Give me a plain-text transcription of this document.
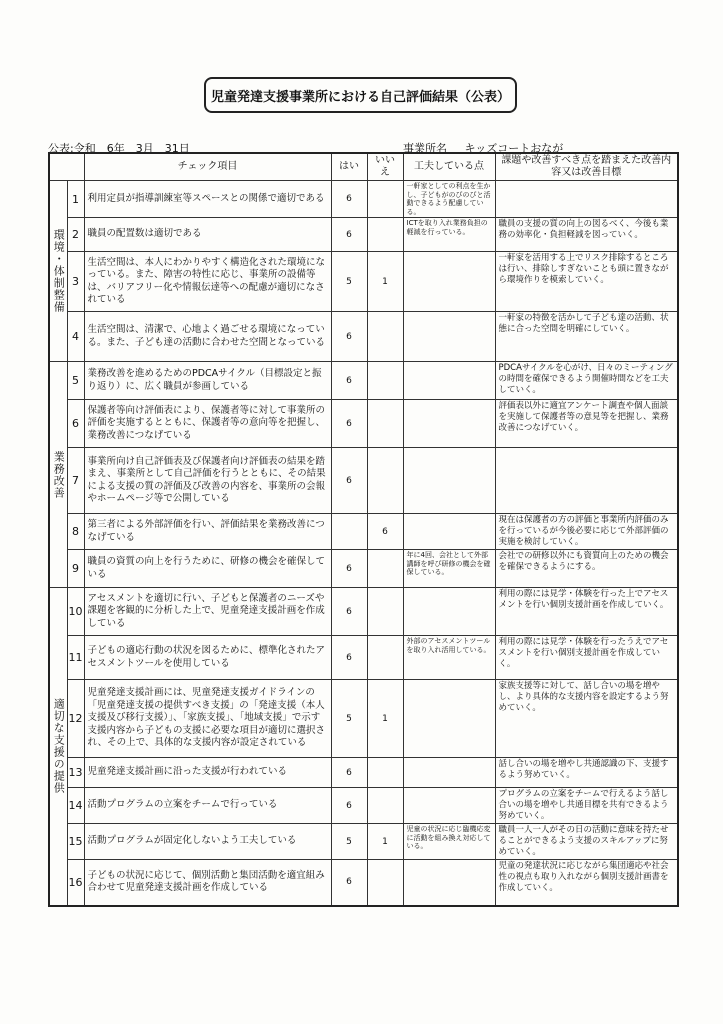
児童発達支援事業所における自己評価結果（公表）
公表:令和　6年　3月　31日	事業所名 キッズコートおなが
		チェック項目	はい	いいえ	工夫している点	課題や改善すべき点を踏まえた改善内容又は改善目標
環境・体制整備	1	利用定員が指導訓練室等スペースとの関係で適切である	6		一軒家としての利点を生かし、子どもがのびのびと活動できるよう配慮している。	
	2	職員の配置数は適切である	6		ICTを取り入れ業務負担の軽減を行っている。	職員の支援の質の向上の図るべく、今後も業務の効率化・負担軽減を図っていく。
	3	生活空間は、本人にわかりやすく構造化された環境になっている。また、障害の特性に応じ、事業所の設備等は、バリアフリー化や情報伝達等への配慮が適切になされている	5	1		一軒家を活用する上でリスク排除するところは行い、排除しすぎないことも頭に置きながら環境作りを模索していく。
	4	生活空間は、清潔で、心地よく過ごせる環境になっている。また、子ども達の活動に合わせた空間となっている	6			一軒家の特徴を活かして子ども達の活動、状態に合った空間を明確にしていく。
業務改善	5	業務改善を進めるためのPDCAサイクル（目標設定と振り返り）に、広く職員が参画している	6			PDCAサイクルを心がけ、日々のミーティングの時間を確保できるよう開催時間などを工夫していく。
	6	保護者等向け評価表により、保護者等に対して事業所の評価を実施するとともに、保護者等の意向等を把握し、業務改善につなげている	6			評価表以外に適宜アンケート調査や個人面談を実施して保護者等の意見等を把握し、業務改善につなげていく。
	7	事業所向け自己評価表及び保護者向け評価表の結果を踏まえ、事業所として自己評価を行うとともに、その結果による支援の質の評価及び改善の内容を、事業所の会報やホームページ等で公開している	6			
	8	第三者による外部評価を行い、評価結果を業務改善につなげている		6		現在は保護者の方の評価と事業所内評価のみを行っているが今後必要に応じて外部評価の実施を検討していく。
	9	職員の資質の向上を行うために、研修の機会を確保している	6		年に4回、会社として外部講師を呼び研修の機会を確保している。	会社での研修以外にも資質向上のための機会を確保できるようにする。
適切な支援の提供	10	アセスメントを適切に行い、子どもと保護者のニーズや課題を客観的に分析した上で、児童発達支援計画を作成している	6			利用の際には見学・体験を行った上でアセスメントを行い個別支援計画を作成していく。
	11	子どもの適応行動の状況を図るために、標準化されたアセスメントツールを使用している	6		外部のアセスメントツールを取り入れ活用している。	利用の際には見学・体験を行ったうえでアセスメントを行い個別支援計画を作成していく。
	12	児童発達支援計画には、児童発達支援ガイドラインの「児童発達支援の提供すべき支援」の「発達支援（本人支援及び移行支援）」、「家族支援」、「地域支援」で示す支援内容から子どもの支援に必要な項目が適切に選択され、その上で、具体的な支援内容が設定されている	5	1		家族支援等に対して、話し合いの場を増やし、より具体的な支援内容を設定するよう努めていく。
	13	児童発達支援計画に沿った支援が行われている	6			話し合いの場を増やし共通認識の下、支援するよう努めていく。
	14	活動プログラムの立案をチームで行っている	6			プログラムの立案をチームで行えるよう話し合いの場を増やし共通目標を共有できるよう努めていく。
	15	活動プログラムが固定化しないよう工夫している	5	1	児童の状況に応じ臨機応変に活動を組み換え対応している。	職員一人一人がその日の活動に意味を持たせることができるよう支援のスキルアップに努めていく。
	16	子どもの状況に応じて、個別活動と集団活動を適宜組み合わせて児童発達支援計画を作成している	6			児童の発達状況に応じながら集団適応や社会性の視点も取り入れながら個別支援計画書を作成していく。
